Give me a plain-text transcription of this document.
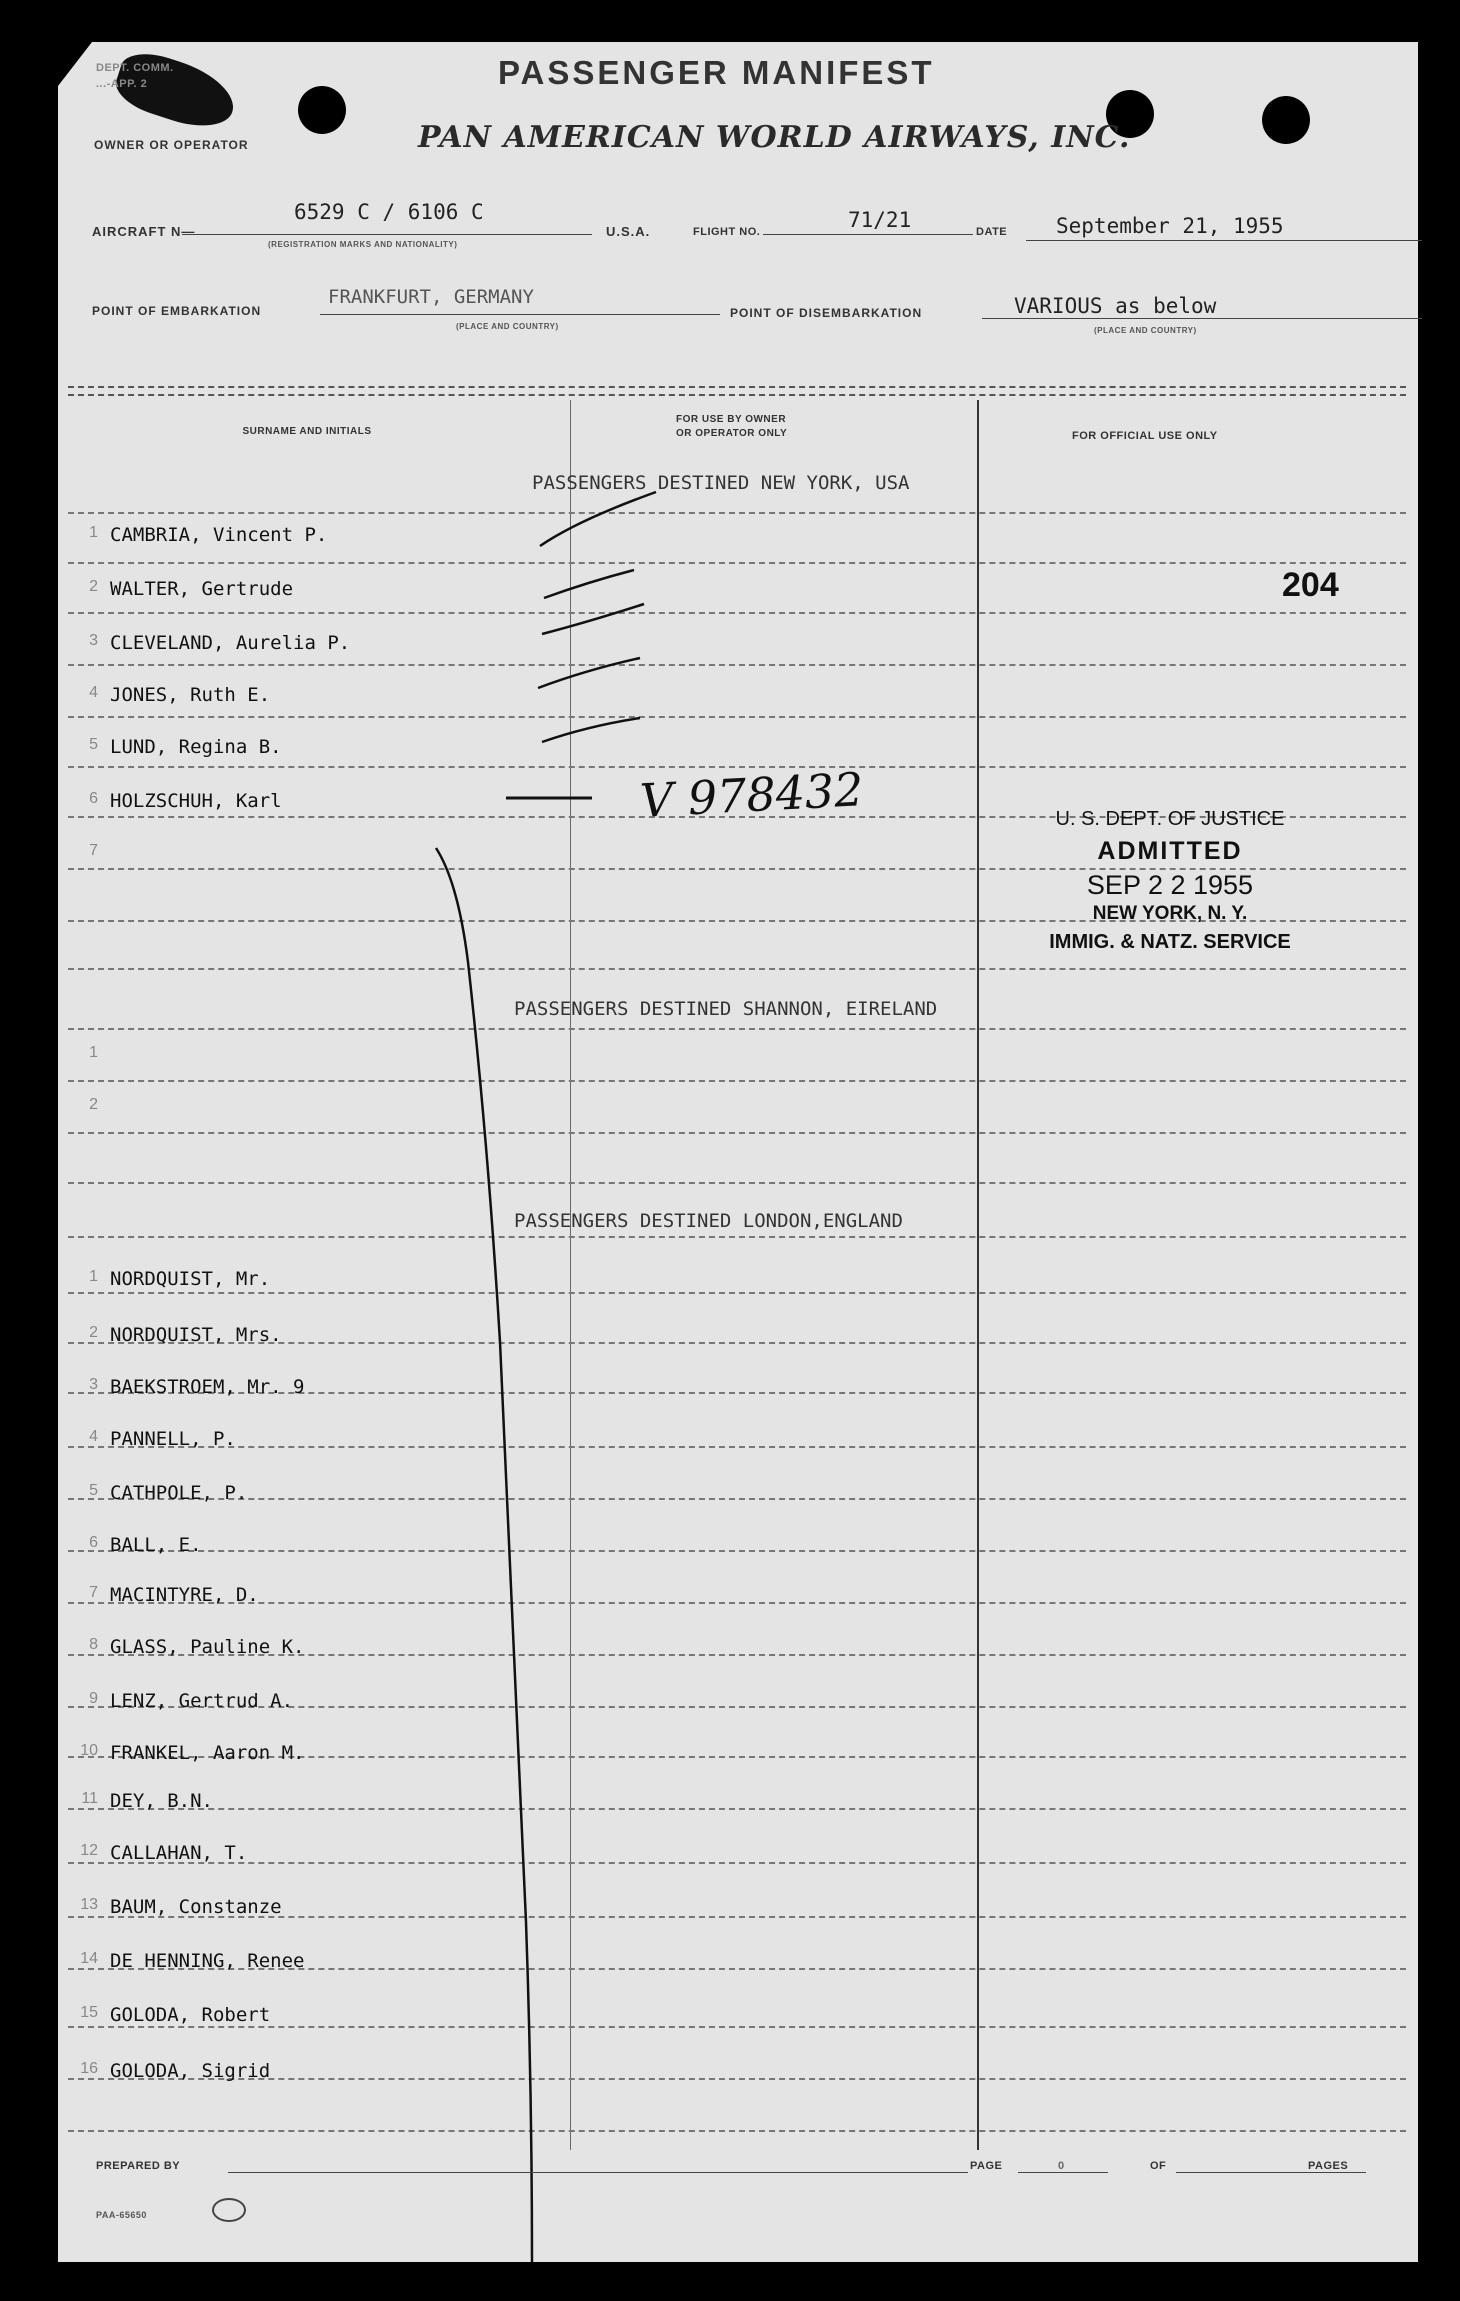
DEPT. COMM.
...-APP. 2	PASSENGER MANIFEST
OWNER OR OPERATOR	PAN AMERICAN WORLD AIRWAYS, INC.
AIRCRAFT N—
6529 C / 6106 C
(REGISTRATION MARKS AND NATIONALITY)
U.S.A.	FLIGHT NO.	71/21	DATE September 21, 1955
POINT OF EMBARKATION
FRANKFURT, GERMANY
(PLACE AND COUNTRY)
POINT OF DISEMBARKATION	VARIOUS as below
(PLACE AND COUNTRY)
SURNAME AND INITIALS
FOR USE BY OWNER
OR OPERATOR ONLY	FOR OFFICIAL USE ONLY
PASSENGERS DESTINED NEW YORK, USA
PASSENGERS DESTINED SHANNON, EIRELAND
PASSENGERS DESTINED LONDON,ENGLAND
1 CAMBRIA, Vincent P.
2 WALTER, Gertrude
3 CLEVELAND, Aurelia P.
4 JONES, Ruth E.
5 LUND, Regina B.
6 HOLZSCHUH, Karl
7
1
2
1 NORDQUIST, Mr.
2 NORDQUIST, Mrs.
3 BAEKSTROEM, Mr. 9
4 PANNELL, P.
5 CATHPOLE, P.
6 BALL, E.
7 MACINTYRE, D.
8 GLASS, Pauline K.
9 LENZ, Gertrud A.
10 FRANKEL, Aaron M.
11 DEY, B.N.
12 CALLAHAN, T.
13 BAUM, Constanze
14 DE HENNING, Renee
15 GOLODA, Robert
16 GOLODA, Sigrid
V 978432
204
U. S. DEPT. OF JUSTICE
ADMITTED
SEP 2 2 1955
NEW YORK, N. Y.
IMMIG. & NATZ. SERVICE
PREPARED BY	PAGE	0	OF	PAGES
PAA-65650
